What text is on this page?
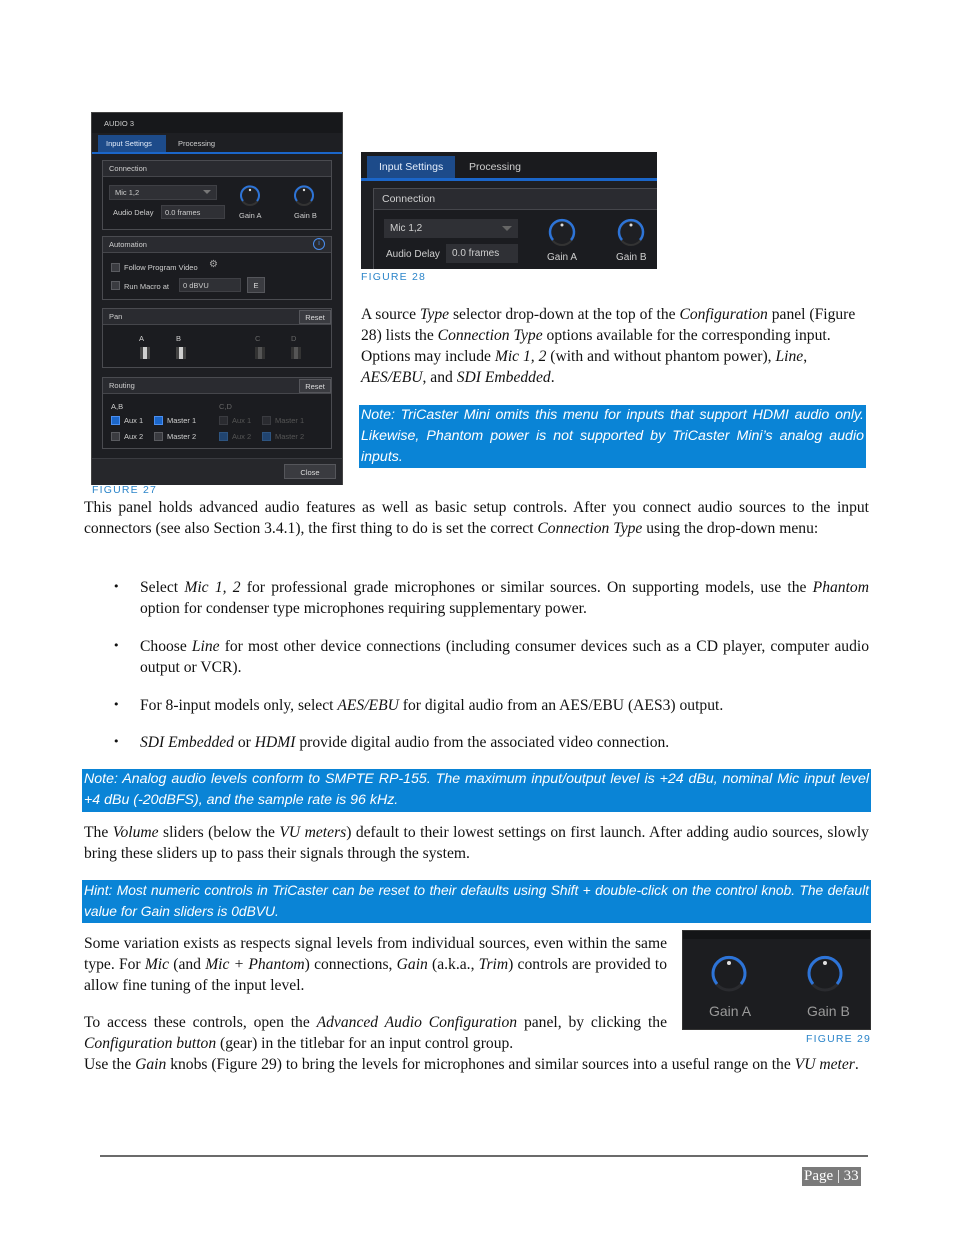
AUDIO 3
Input Settings	Processing
Connection
Mic 1,2
Audio Delay 0.0 frames	Gain A	Gain B
Automation	i
Follow Program Video ⚙
Run Macro at 0 dBVU	E
Pan	Reset
A	B	C	D
Routing	Reset
A,B	C,D
Aux 1	Master 1
Aux 2	Master 2
Aux 1	Master 1
Aux 2	Master 2
Close
FIGURE 27
Input Settings Processing
Connection
Mic 1,2
Audio Delay 0.0 frames	Gain A	Gain B
FIGURE 28
A source Type selector drop-down at the top of the Configuration panel (Figure 28) lists the Connection Type options available for the corresponding input. Options may include Mic 1, 2 (with and without phantom power), Line, AES/EBU, and SDI Embedded.
Note: TriCaster Mini omits this menu for inputs that support HDMI audio only. Likewise, Phantom power is not supported by TriCaster Mini’s analog audio inputs.
This panel holds advanced audio features as well as basic setup controls. After you connect audio sources to the input connectors (see also Section 3.4.1), the first thing to do is set the correct Connection Type using the drop-down menu:
• Select Mic 1, 2 for professional grade microphones or similar sources. On supporting models, use the Phantom option for condenser type microphones requiring supplementary power.
• Choose Line for most other device connections (including consumer devices such as a CD player, computer audio output or VCR).
• For 8-input models only, select AES/EBU for digital audio from an AES/EBU (AES3) output.
• SDI Embedded or HDMI provide digital audio from the associated video connection.
Note: Analog audio levels conform to SMPTE RP-155. The maximum input/output level is +24 dBu, nominal Mic input level +4 dBu (-20dBFS), and the sample rate is 96 kHz.
The Volume sliders (below the VU meters) default to their lowest settings on first launch. After adding audio sources, slowly bring these sliders up to pass their signals through the system.
Hint: Most numeric controls in TriCaster can be reset to their defaults using Shift + double-click on the control knob. The default value for Gain sliders is 0dBVU.
Some variation exists as respects signal levels from individual sources, even within the same type. For Mic (and Mic + Phantom) connections, Gain (a.k.a., Trim) controls are provided to allow fine tuning of the input level.
To access these controls, open the Advanced Audio Configuration panel, by clicking the Configuration button (gear) in the titlebar for an input control group.
Use the Gain knobs (Figure 29) to bring the levels for microphones and similar sources into a useful range on the VU meter.
Gain A	Gain B
FIGURE 29
Page | 33
